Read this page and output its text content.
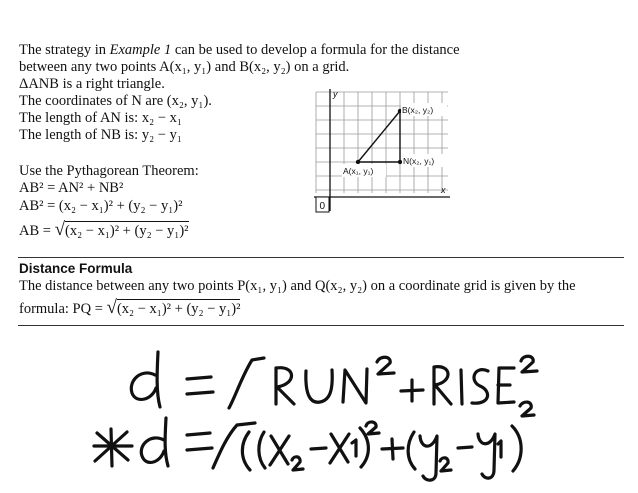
The strategy in Example 1 can be used to develop a formula for the distance
between any two points A(x₁, y₁) and B(x₂, y₂) on a grid.
ΔANB is a right triangle.
The coordinates of N are (x₂, y₁).
The length of AN is: x₂ − x₁
The length of NB is: y₂ − y₁
Use the Pythagorean Theorem:
AB² = AN² + NB²
AB² = (x₂ − x₁)² + (y₂ − y₁)²
AB = √(x₂ − x₁)² + (y₂ − y₁)²
0
y
x
B(x₂, y₂)
N(x₂, y₁)
A(x₁, y₁)
Distance Formula
The distance between any two points P(x₁, y₁) and Q(x₂, y₂) on a coordinate grid is given by the
formula: PQ = √(x₂ − x₁)² + (y₂ − y₁)²
